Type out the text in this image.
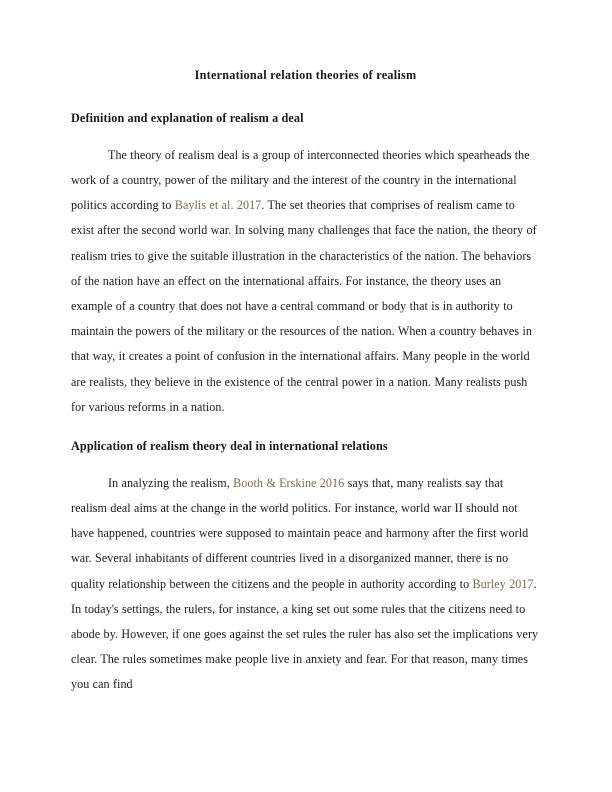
International relation theories of realism
Definition and explanation of realism a deal

The theory of realism deal is a group of interconnected theories which spearheads the work of a country, power of the military and the interest of the country in the international politics according to Baylis et al. 2017. The set theories that comprises of realism came to exist after the second world war. In solving many challenges that face the nation, the theory of realism tries to give the suitable illustration in the characteristics of the nation. The behaviors of the nation have an effect on the international affairs. For instance, the theory uses an example of a country that does not have a central command or body that is in authority to maintain the powers of the military or the resources of the nation. When a country behaves in that way, it creates a point of confusion in the international affairs. Many people in the world are realists, they believe in the existence of the central power in a nation. Many realists push for various reforms in a nation.

Application of realism theory deal in international relations

In analyzing the realism, Booth & Erskine 2016 says that, many realists say that realism deal aims at the change in the world politics. For instance, world war II should not have happened, countries were supposed to maintain peace and harmony after the first world war. Several inhabitants of different countries lived in a disorganized manner, there is no quality relationship between the citizens and the people in authority according to Burley 2017. In today's settings, the rulers, for instance, a king set out some rules that the citizens need to abode by. However, if one goes against the set rules the ruler has also set the implications very clear. The rules sometimes make people live in anxiety and fear. For that reason, many times you can find
